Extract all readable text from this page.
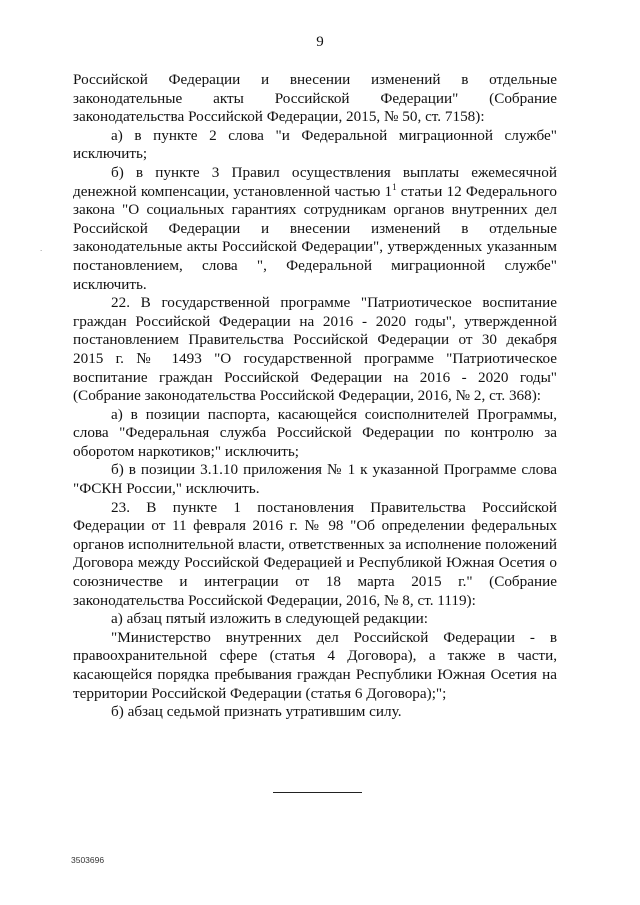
9
.

Российской Федерации и внесении изменений в отдельные законодательные акты Российской Федерации" (Собрание законодательства Российской Федерации, 2015, № 50, ст. 7158):

а) в пункте 2 слова "и Федеральной миграционной службе" исключить;

б) в пункте 3 Правил осуществления выплаты ежемесячной денежной компенсации, установленной частью $1^1$ статьи 12 Федерального закона "О социальных гарантиях сотрудникам органов внутренних дел Российской Федерации и внесении изменений в отдельные законодательные акты Российской Федерации", утвержденных указанным постановлением, слова ", Федеральной миграционной службе" исключить.

22. В государственной программе "Патриотическое воспитание граждан Российской Федерации на 2016 - 2020 годы", утвержденной постановлением Правительства Российской Федерации от 30 декабря 2015 г. № 1493 "О государственной программе "Патриотическое воспитание граждан Российской Федерации на 2016 - 2020 годы" (Собрание законодательства Российской Федерации, 2016, № 2, ст. 368):

а) в позиции паспорта, касающейся соисполнителей Программы, слова "Федеральная служба Российской Федерации по контролю за оборотом наркотиков;" исключить;

б) в позиции 3.1.10 приложения № 1 к указанной Программе слова "ФСКН России," исключить.

23. В пункте 1 постановления Правительства Российской Федерации от 11 февраля 2016 г. № 98 "Об определении федеральных органов исполнительной власти, ответственных за исполнение положений Договора между Российской Федерацией и Республикой Южная Осетия о союзничестве и интеграции от 18 марта 2015 г." (Собрание законодательства Российской Федерации, 2016, № 8, ст. 1119):

а) абзац пятый изложить в следующей редакции:

"Министерство внутренних дел Российской Федерации - в правоохранительной сфере (статья 4 Договора), а также в части, касающейся порядка пребывания граждан Республики Южная Осетия на территории Российской Федерации (статья 6 Договора);";

б) абзац седьмой признать утратившим силу.

3503696
